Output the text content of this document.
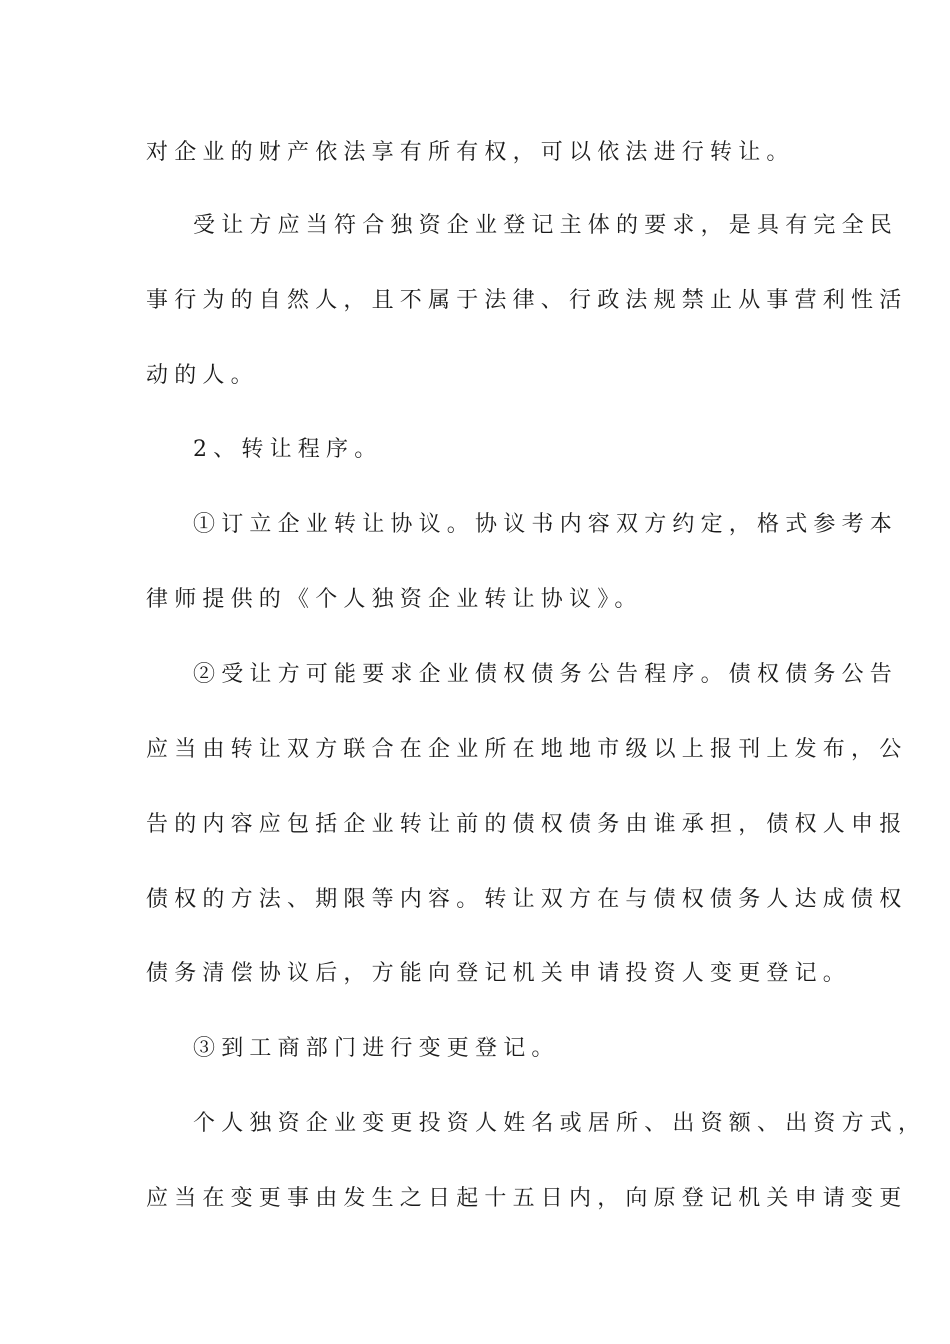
对企业的财产依法享有所有权，可以依法进行转让。
受让方应当符合独资企业登记主体的要求，是具有完全民
事行为的自然人，且不属于法律、行政法规禁止从事营利性活
动的人。
2、转让程序。
①订立企业转让协议。协议书内容双方约定，格式参考本
律师提供的《个人独资企业转让协议》。
②受让方可能要求企业债权债务公告程序。债权债务公告
应当由转让双方联合在企业所在地地市级以上报刊上发布，公
告的内容应包括企业转让前的债权债务由谁承担，债权人申报
债权的方法、期限等内容。转让双方在与债权债务人达成债权
债务清偿协议后，方能向登记机关申请投资人变更登记。
③到工商部门进行变更登记。
个人独资企业变更投资人姓名或居所、出资额、出资方式，
应当在变更事由发生之日起十五日内，向原登记机关申请变更
